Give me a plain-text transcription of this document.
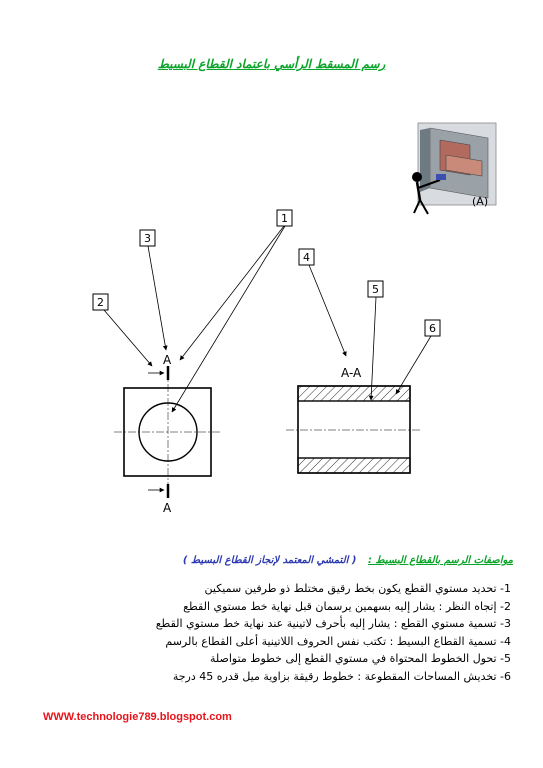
رسم المسقط الرأسي باعتماد القطاع البسيط
(A)
A
A
A-A
1
2
3
4
5
6
مواصفات الرسم بالقطاع البسيط : ( التمشي المعتمد لإنجاز القطاع البسيط )
1- تحديد مستوي القطع يكون بخط رقيق مختلط ذو طرفين سميكين
2- إتجاه النظر : يشار إليه بسهمين يرسمان قبل نهاية خط مستوي القطع
3- تسمية مستوي القطع : يشار إليه بأحرف لاتينية عند نهاية خط مستوي القطع
4- تسمية القطاع البسيط : تكتب نفس الحروف اللاتينية أعلى القطاع بالرسم
5- تحول الخطوط المحتواة في مستوي القطع إلى خطوط متواصلة
6- تخديش المساحات المقطوعة : خطوط رقيقة بزاوية ميل قدره 45 درجة
WWW.technologie789.blogspot.com
